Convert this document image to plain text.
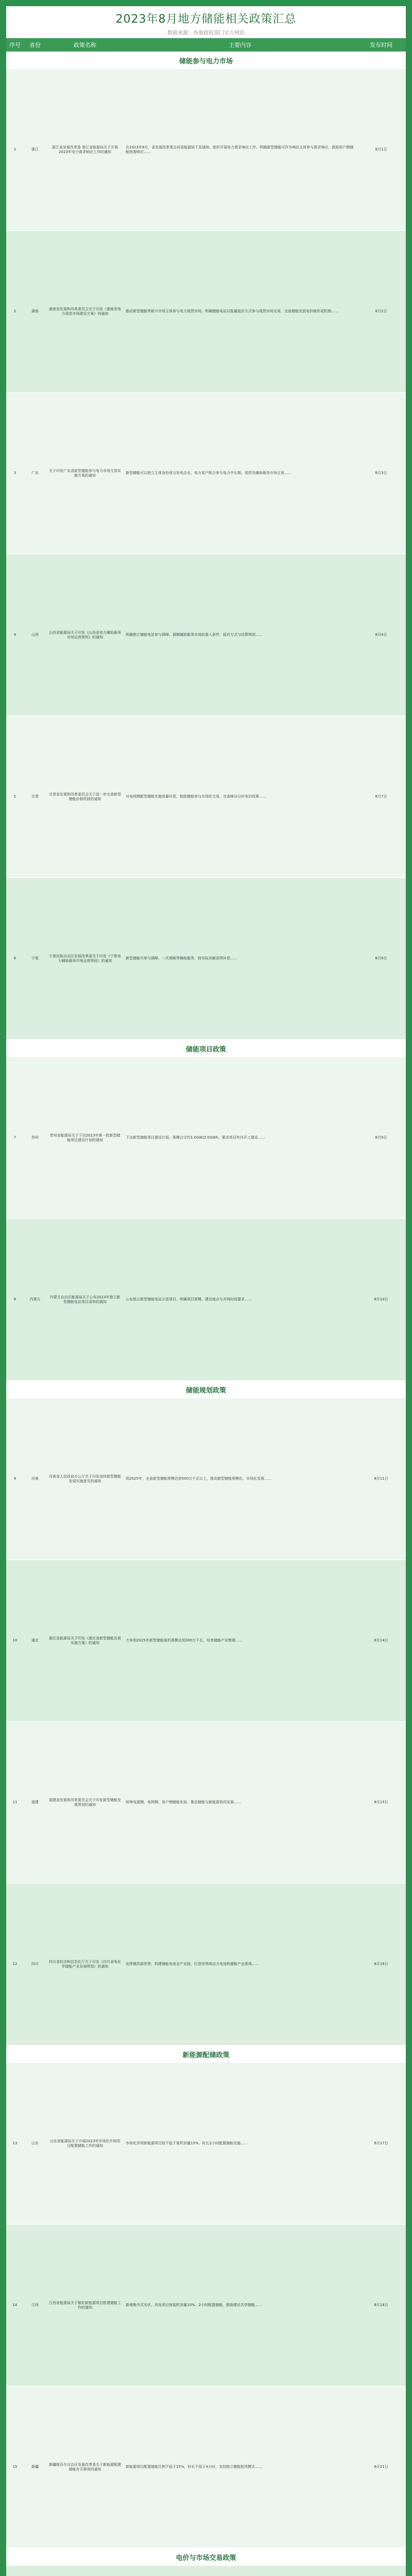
2023年8月地方储能相关政策汇总
数据来源：各地政府部门官方网站
序号	省份	政策名称	主要内容	发布时间
储能参与电力市场
1	浙江
浙江省发展改革委 浙江省能源局关于开展2023年电力需求响应工作的通知
在2023年8月，省发展改革委会同省能源局下发通知，组织开展电力需求响应工作，明确新型储能可作为响应主体参与需求响应，鼓励用户侧储能按需响应……
8月1日
2	湖南
湖南省发展和改革委员会关于印发《湖南省电力现货市场建设方案》的通知
推动新型储能等新兴市场主体参与电力现货市场，明确储能电站以报量报价方式参与现货市场交易，完善储能充放电价格形成机制……	8月2日
3	广东
关于印发广东省新型储能参与电力市场交易实施方案的通知
新型储能可以独立主体身份或与发电企业、电力用户联合参与电力中长期、现货及辅助服务市场交易……	8月3日
4	山西
山西省能源局关于印发《山西省电力辅助服务市场运营规则》的通知
明确独立储能电站参与调峰、调频辅助服务市场的准入条件、报价方式与结算规则……	8月4日
5	甘肃
甘肃省发展和改革委员会关于进一步完善新型储能价格机制的通知
对电网侧新型储能实施容量补偿，鼓励储能参与市场化交易，完善峰谷分时电价政策……	8月7日
6	宁夏
宁夏回族自治区发展改革委关于印发《宁夏电力辅助服务市场运营规则》的通知
新型储能可参与调峰、一次调频等辅助服务，按实际贡献获得补偿……	8月8日
储能项目政策
7	贵州
贵州省能源局关于下达2023年第一批新型储能项目建设计划的通知
下达新型储能项目建设计划，规模合计约1.0GW/2.0GWh，要求项目年内开工建设……	8月9日
8	内蒙古
内蒙古自治区能源局关于公布2023年独立新型储能电站项目清单的通知
公布独立新型储能电站示范项目，明确项目规模、建设地点与并网时间要求……	8月10日
储能规划政策
9	河南
河南省人民政府办公厅关于印发加快新型储能发展实施意见的通知
到2025年，全省新型储能规模达到500万千瓦以上，推动新型储能规模化、市场化发展……	8月11日
10	湖北
湖北省能源局关于印发《湖北省新型储能发展实施方案》的通知
力争到2025年新型储能装机规模达到300万千瓦，培育储能产业集群……	8月14日
11	福建
福建省发展和改革委员会关于印发新型储能发展规划的通知
统筹电源侧、电网侧、用户侧储能布局，推动储能与新能源协同发展……	8月15日
12	四川
四川省经济和信息化厅关于印发《四川省电化学储能产业发展规划》的通知
发挥锂资源优势，构建储能电池全产业链，打造世界级动力电池和储能产业基地……	8月16日
新能源配储政策
13	山东
山东省能源局关于开展2023年市场化并网项目配置储能工作的通知
市场化并网新能源项目按不低于装机容量15%、时长2小时配置储能设施……	8月17日
14	江西
江西省能源局关于做好新能源项目配建储能工作的通知
新增集中式光伏、风电项目按装机容量10%、2小时配置储能，鼓励建设共享储能……	8月18日
15	新疆
新疆维吾尔自治区发展改革委关于新能源配建储能有关事项的通知
新能源项目配置储能比例不低于15%，时长不低于4小时，支持独立储能租赁模式……	8月21日
电价与市场交易政策
